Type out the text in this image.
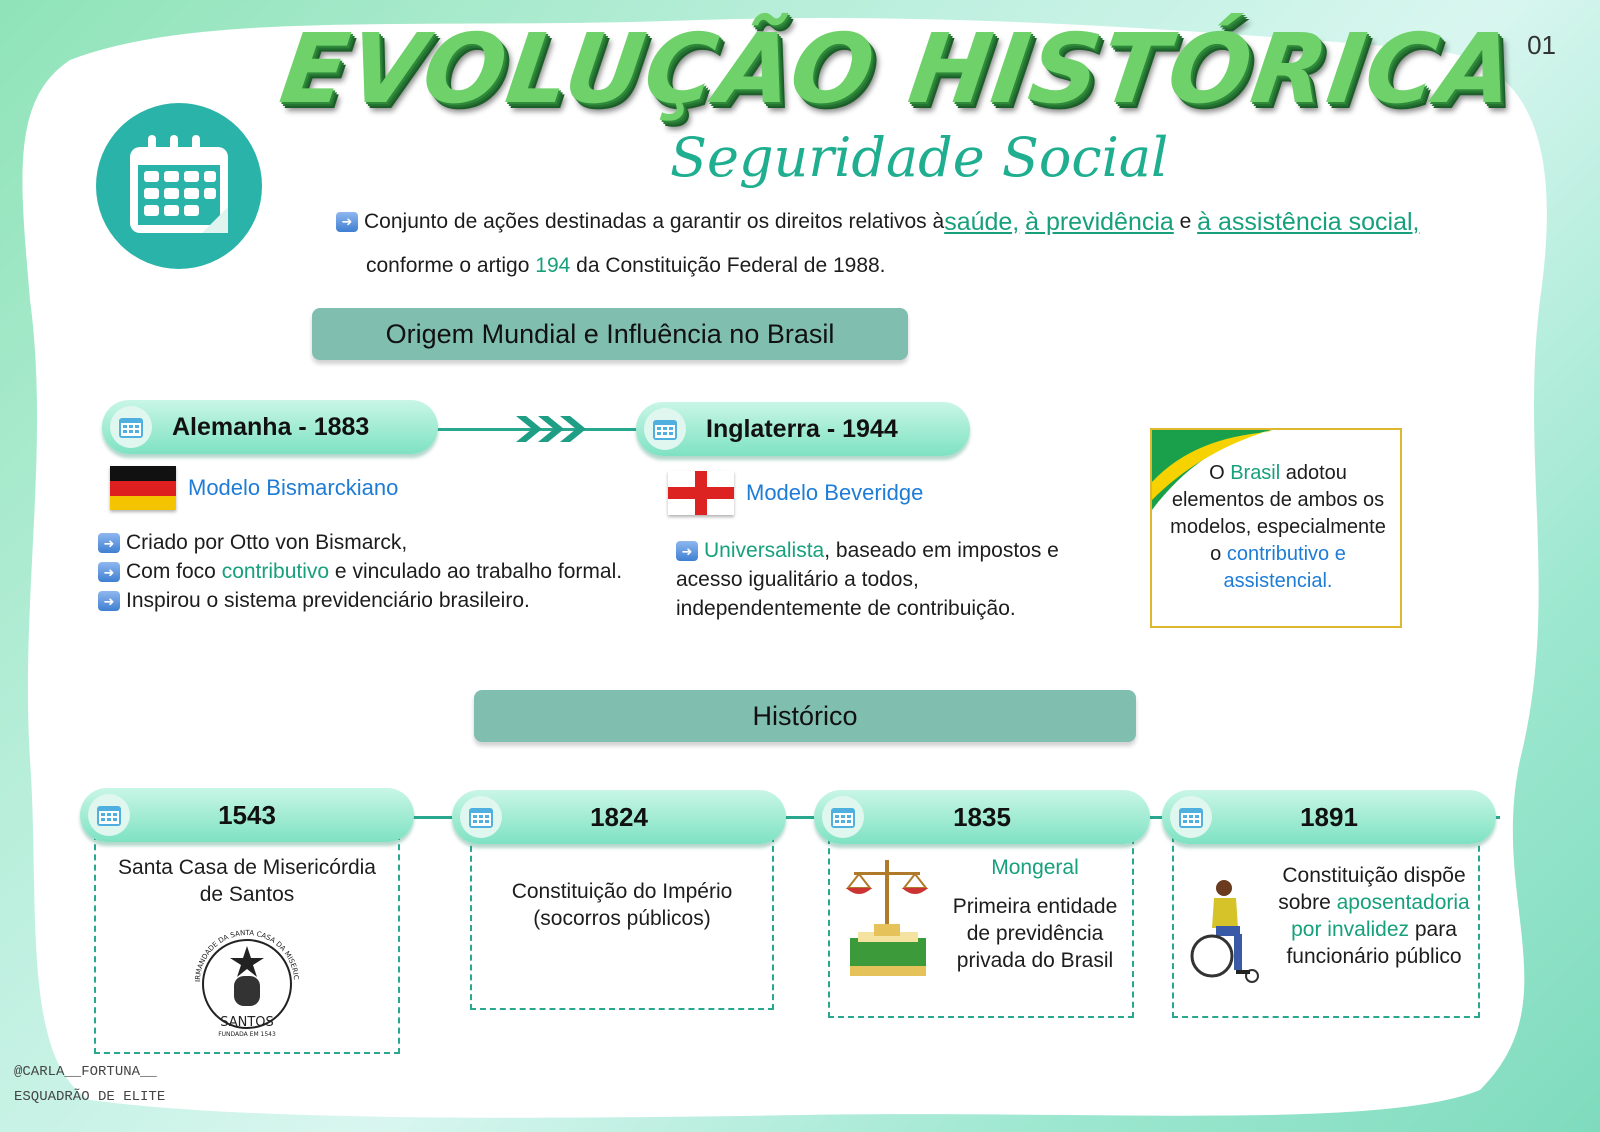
01
EVOLUÇÃO HISTÓRICA
Seguridade Social
➜ Conjunto de ações destinadas a garantir os direitos relativos à saúde,
à previdência e à assistência social,
conforme o artigo 194 da Constituição Federal de 1988.
Origem Mundial e Influência no Brasil
Alemanha - 1883	Inglaterra - 1944
Modelo Bismarckiano
➜ Criado por Otto von Bismarck,
➜ Com foco contributivo e vinculado ao trabalho formal.
➜ Inspirou o sistema previdenciário brasileiro.
Modelo Beveridge
➜ Universalista, baseado em impostos e
acesso igualitário a todos,
independentemente de contribuição.
O Brasil adotou elementos de ambos os modelos, especialmente o contributivo e assistencial.
Histórico
Santa Casa de Misericórdia de Santos
IRMANDADE DA SANTA CASA DA MISERIC
SANTOS
FUNDADA EM 1543
Constituição do Império
(socorros públicos)
Mongeral
Primeira entidade
de previdência
privada do Brasil
Constituição dispõe
sobre aposentadoria
por invalidez para
funcionário público
1543	1824	1835	1891
@CARLA__FORTUNA__
ESQUADRÃO DE ELITE
